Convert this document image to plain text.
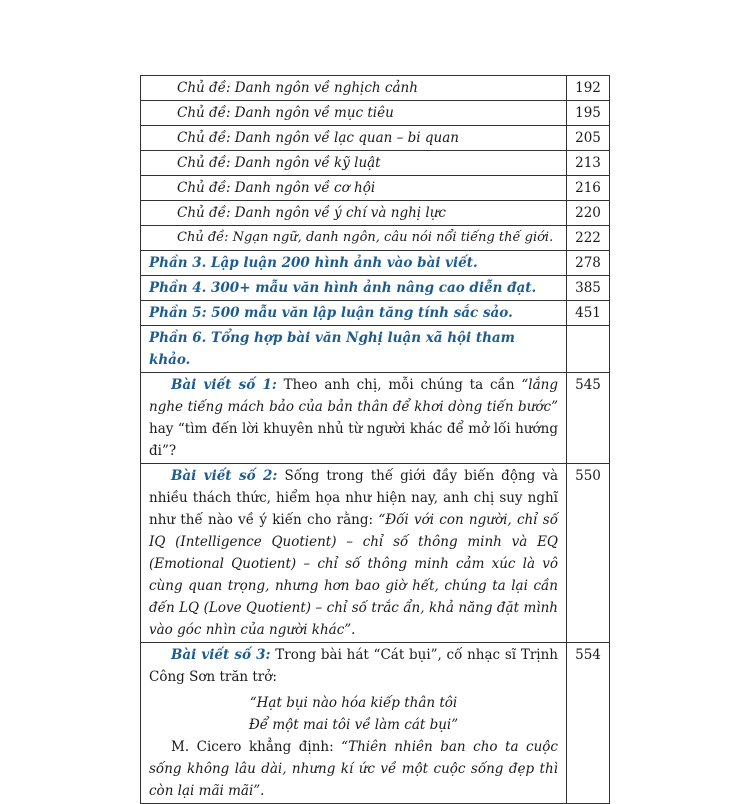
Chủ đề: Danh ngôn về nghịch cảnh	192
Chủ đề: Danh ngôn về mục tiêu	195
Chủ đề: Danh ngôn về lạc quan – bi quan	205
Chủ đề: Danh ngôn về kỹ luật	213
Chủ đề: Danh ngôn về cơ hội	216
Chủ đề: Danh ngôn về ý chí và nghị lực	220
Chủ đề: Ngạn ngữ, danh ngôn, câu nói nổi tiếng thế giới.	222
Phần 3. Lập luận 200 hình ảnh vào bài viết.	278
Phần 4. 300+ mẫu văn hình ảnh nâng cao diễn đạt.	385
Phần 5: 500 mẫu văn lập luận tăng tính sắc sảo.	451
Phần 6. Tổng hợp bài văn Nghị luận xã hội tham khảo.	
Bài viết số 1: Theo anh chị, mỗi chúng ta cần “lắng nghe tiếng mách bảo của bản thân để khơi dòng tiến bước” hay “tìm đến lời khuyên nhủ từ người khác để mở lối hướng đi”?	545
Bài viết số 2: Sống trong thế giới đầy biến động và nhiều thách thức, hiểm họa như hiện nay, anh chị suy nghĩ như thế nào về ý kiến cho rằng: “Đối với con người, chỉ số IQ (Intelligence Quotient) – chỉ số thông minh và EQ (Emotional Quotient) – chỉ số thông minh cảm xúc là vô cùng quan trọng, nhưng hơn bao giờ hết, chúng ta lại cần đến LQ (Love Quotient) – chỉ số trắc ẩn, khả năng đặt mình vào góc nhìn của người khác”.	550

Bài viết số 3: Trong bài hát “Cát bụi”, cố nhạc sĩ Trịnh Công Sơn trăn trở:
“Hạt bụi nào hóa kiếp thân tôi
Để một mai tôi về làm cát bụi”
M. Cicero khẳng định: “Thiên nhiên ban cho ta cuộc sống không lâu dài, nhưng kí ức về một cuộc sống đẹp thì còn lại mãi mãi”.	554
